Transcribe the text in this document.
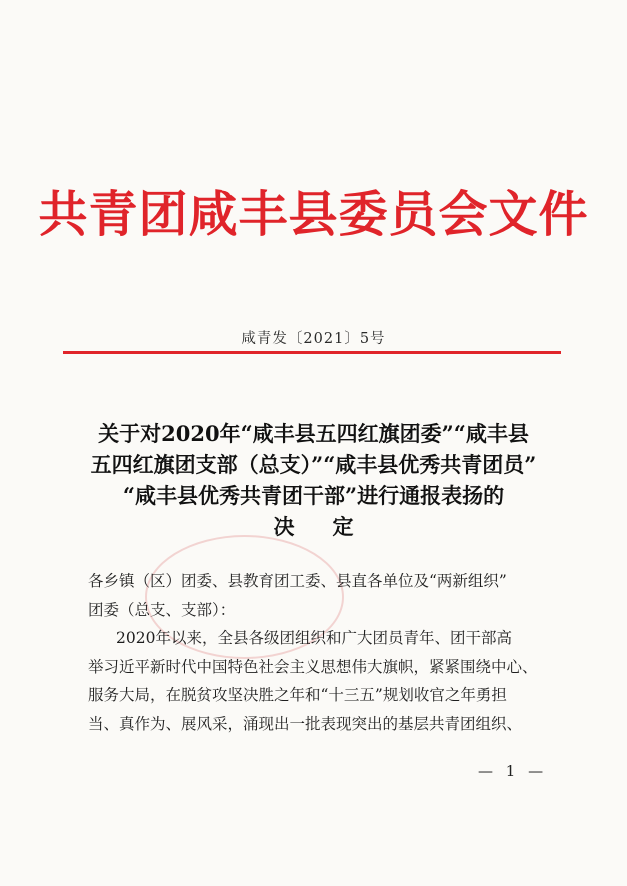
共青团咸丰县委员会文件
咸青发〔2021〕5号
关于对2020年“咸丰县五四红旗团委”“咸丰县
五四红旗团支部（总支）”“咸丰县优秀共青团员”
“咸丰县优秀共青团干部”进行通报表扬的
决定

各乡镇（区）团委、县教育团工委、县直各单位及“两新组织”

团委（总支、支部）：

2020年以来，全县各级团组织和广大团员青年、团干部高

举习近平新时代中国特色社会主义思想伟大旗帜，紧紧围绕中心、

服务大局，在脱贫攻坚决胜之年和“十三五”规划收官之年勇担

当、真作为、展风采，涌现出一批表现突出的基层共青团组织、

— 1 —
